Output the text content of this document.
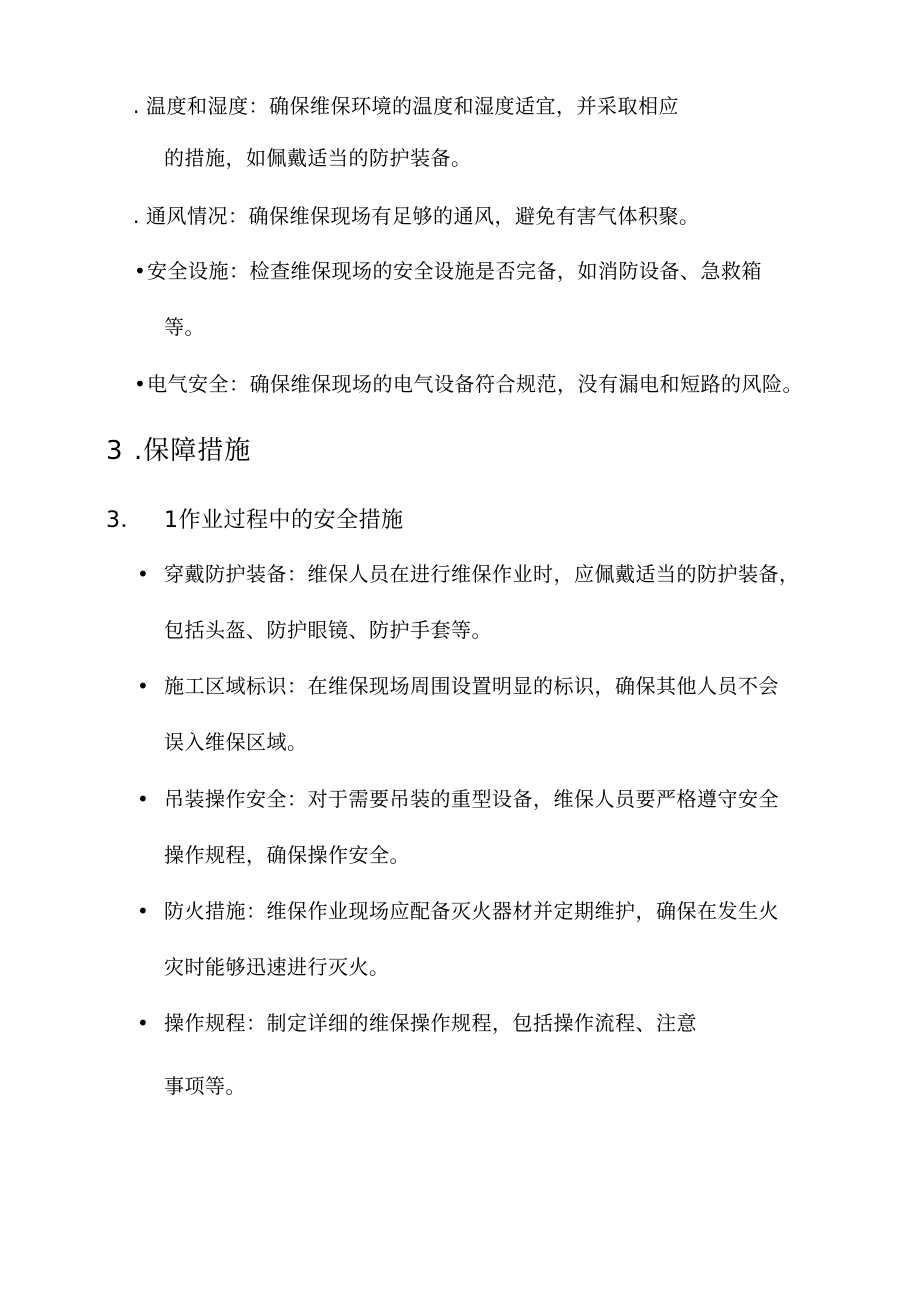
. 温度和湿度：确保维保环境的温度和湿度适宜，并采取相应
的措施，如佩戴适当的防护装备。
. 通风情况：确保维保现场有足够的通风，避免有害气体积聚。
• 安全设施：检查维保现场的安全设施是否完备，如消防设备、急救箱
等。
• 电气安全：确保维保现场的电气设备符合规范，没有漏电和短路的风险。
3 .保障措施
3． 1作业过程中的安全措施
• 穿戴防护装备：维保人员在进行维保作业时，应佩戴适当的防护装备，
包括头盔、防护眼镜、防护手套等。
• 施工区域标识：在维保现场周围设置明显的标识，确保其他人员不会
误入维保区域。
• 吊装操作安全：对于需要吊装的重型设备，维保人员要严格遵守安全
操作规程，确保操作安全。
• 防火措施：维保作业现场应配备灭火器材并定期维护，确保在发生火
灾时能够迅速进行灭火。
• 操作规程：制定详细的维保操作规程，包括操作流程、注意
事项等。
